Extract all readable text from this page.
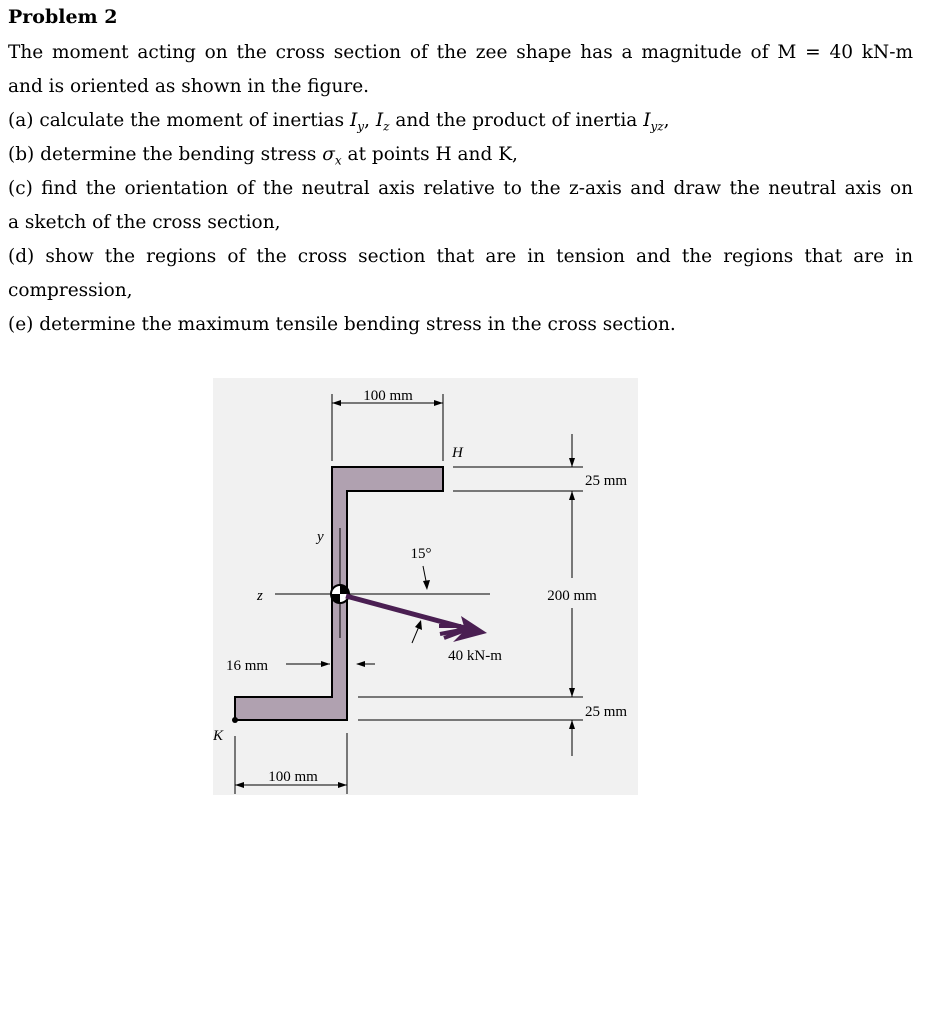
Problem 2
The moment acting on the cross section of the zee shape has a magnitude of M = 40 kN-m
and is oriented as shown in the figure.
(a) calculate the moment of inertias $I_y$, $I_z$ and the product of inertia $I_{yz}$,
(b) determine the bending stress $\sigma_x$ at points H and K,
(c) find the orientation of the neutral axis relative to the z-axis and draw the neutral axis on
a sketch of the cross section,
(d) show the regions of the cross section that are in tension and the regions that are in
compression,
(e) determine the maximum tensile bending stress in the cross section.
100 mm
H
25 mm
200 mm
25 mm
y
z
15°
40 kN-m
16 mm
K
100 mm
